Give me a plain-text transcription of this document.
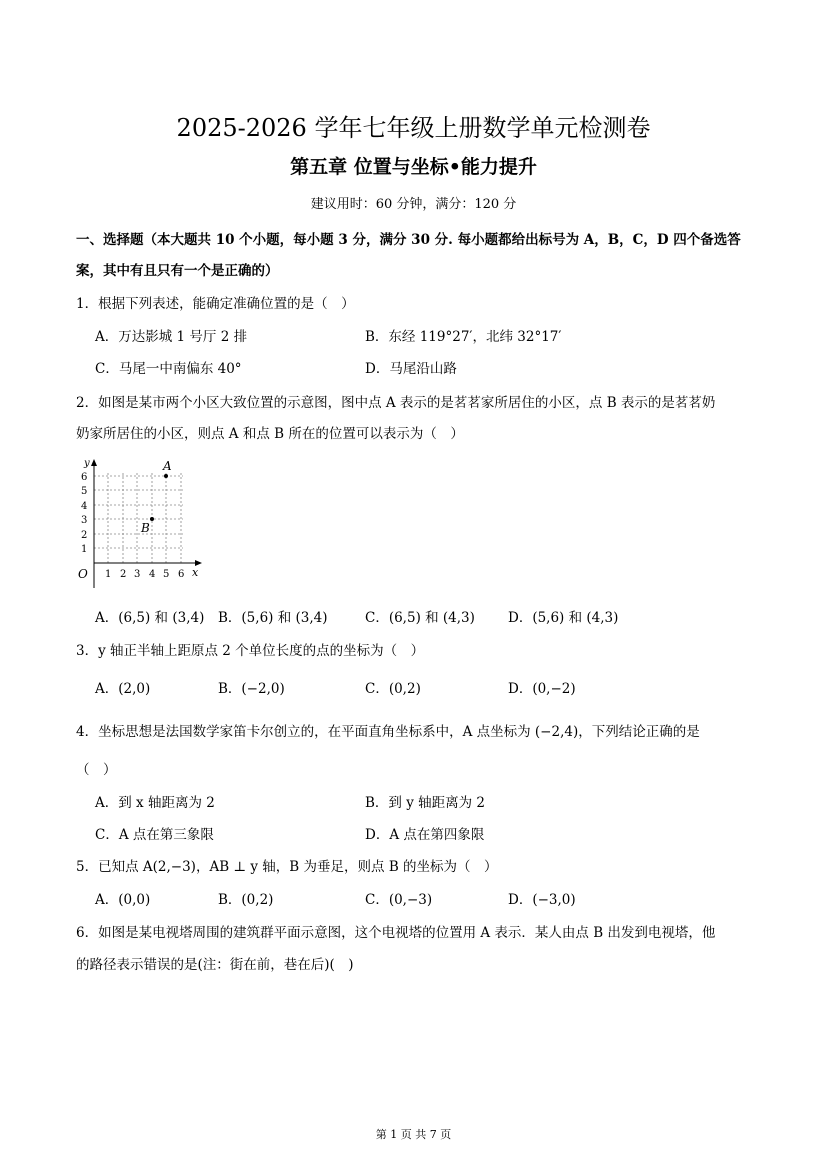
2025-2026 学年七年级上册数学单元检测卷
第五章 位置与坐标•能力提升
建议用时：60 分钟，满分：120 分
一、选择题（本大题共 10 个小题，每小题 3 分，满分 30 分. 每小题都给出标号为 A，B，C，D 四个备选答
案，其中有且只有一个是正确的）
1．根据下列表述，能确定准确位置的是（　）
A．万达影城 1 号厅 2 排	B．东经 119°27′，北纬 32°17′
C．马尾一中南偏东 40°	D．马尾沿山路
2．如图是某市两个小区大致位置的示意图，图中点 A 表示的是茗茗家所居住的小区，点 B 表示的是茗茗奶
奶家所居住的小区，则点 A 和点 B 所在的位置可以表示为（　）
y
x
O 1 2 3 4 5 6
1
2
3
4
5
6
A
B
A．(6,5) 和 (3,4) B．(5,6) 和 (3,4)	C．(6,5) 和 (4,3) D．(5,6) 和 (4,3)
3．y 轴正半轴上距原点 2 个单位长度的点的坐标为（　）
A．(2,0)	B．(−2,0)	C．(0,2)	D．(0,−2)
4．坐标思想是法国数学家笛卡尔创立的，在平面直角坐标系中，A 点坐标为 (−2,4)，下列结论正确的是
（　）
A．到 x 轴距离为 2	B．到 y 轴距离为 2
C．A 点在第三象限	D．A 点在第四象限
5．已知点 A(2,−3)，AB ⊥ y 轴，B 为垂足，则点 B 的坐标为（　）
A．(0,0)	B．(0,2)	C．(0,−3)	D．(−3,0)
6．如图是某电视塔周围的建筑群平面示意图，这个电视塔的位置用 A 表示．某人由点 B 出发到电视塔，他
的路径表示错误的是(注：街在前，巷在后)(　)
第 1 页 共 7 页
